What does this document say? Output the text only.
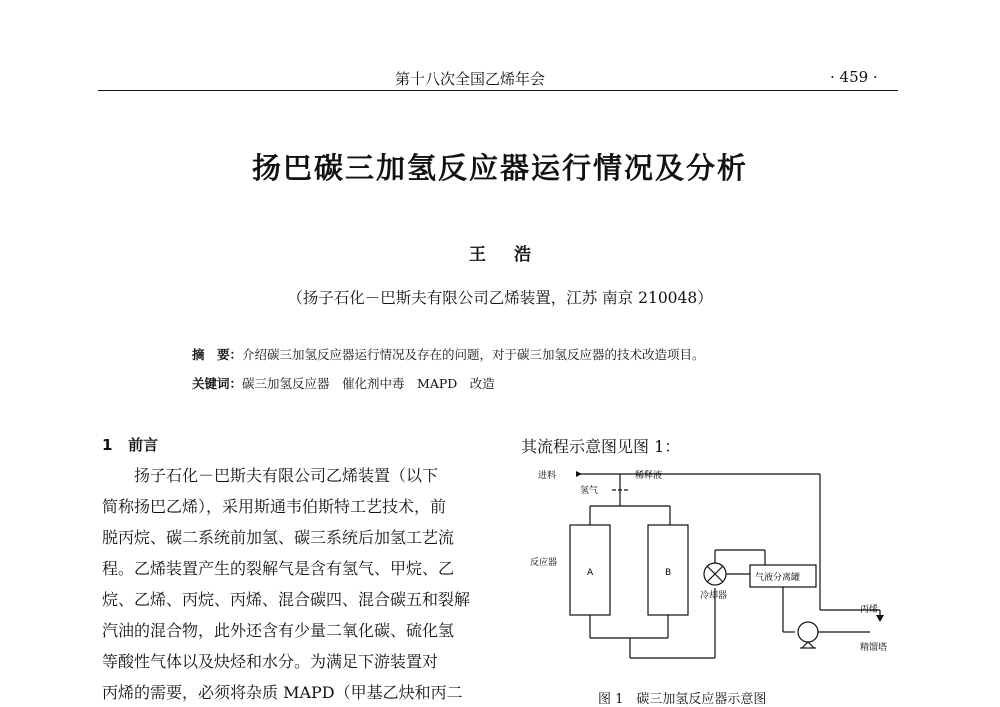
第十八次全国乙烯年会	· 459 ·
扬巴碳三加氢反应器运行情况及分析
王 浩
（扬子石化－巴斯夫有限公司乙烯装置，江苏 南京 210048）
摘　要：介绍碳三加氢反应器运行情况及存在的问题，对于碳三加氢反应器的技术改造项目。
关键词：碳三加氢反应器　催化剂中毒　MAPD　改造
1 前言
　　扬子石化－巴斯夫有限公司乙烯装置（以下
简称扬巴乙烯），采用斯通韦伯斯特工艺技术，前
脱丙烷、碳二系统前加氢、碳三系统后加氢工艺流
程。乙烯装置产生的裂解气是含有氢气、甲烷、乙
烷、乙烯、丙烷、丙烯、混合碳四、混合碳五和裂解
汽油的混合物，此外还含有少量二氧化碳、硫化氢
等酸性气体以及炔烃和水分。为满足下游装置对
丙烯的需要，必须将杂质 MAPD（甲基乙炔和丙二
其流程示意图见图 1：
进料	稀释液
氢气
反应器
A	B
冷却器
气液分离罐
丙烯
精馏塔
图 1　碳三加氢反应器示意图
